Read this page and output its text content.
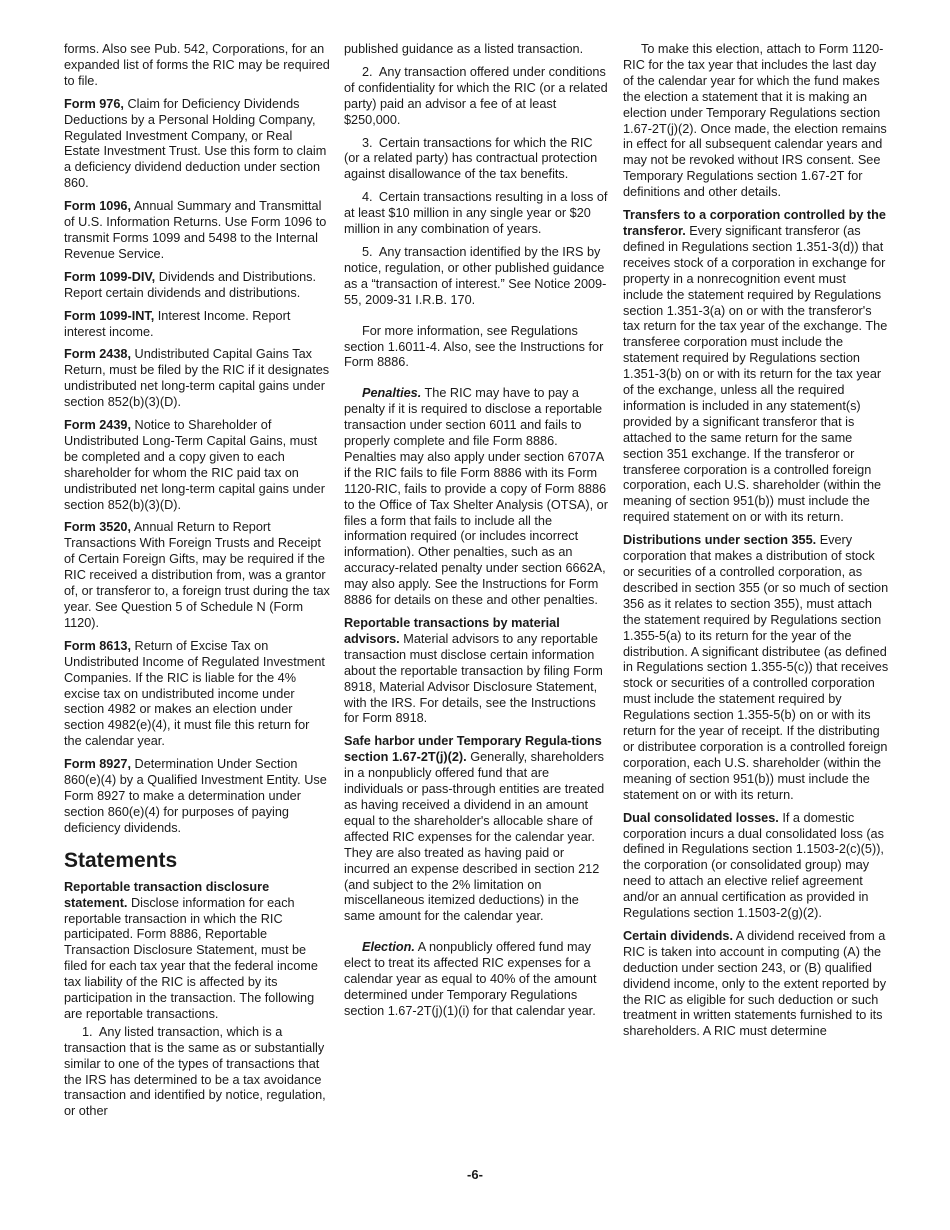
forms. Also see Pub. 542, Corporations, for an expanded list of forms the RIC may be required to file.

Form 976, Claim for Deficiency Dividends Deductions by a Personal Holding Company, Regulated Investment Company, or Real Estate Investment Trust. Use this form to claim a deficiency dividend deduction under section 860.

Form 1096, Annual Summary and Transmittal of U.S. Information Returns. Use Form 1096 to transmit Forms 1099 and 5498 to the Internal Revenue Service.

Form 1099-DIV, Dividends and Distributions. Report certain dividends and distributions.

Form 1099-INT, Interest Income. Report interest income.

Form 2438, Undistributed Capital Gains Tax Return, must be filed by the RIC if it designates undistributed net long-term capital gains under section 852(b)(3)(D).

Form 2439, Notice to Shareholder of Undistributed Long-Term Capital Gains, must be completed and a copy given to each shareholder for whom the RIC paid tax on undistributed net long-term capital gains under section 852(b)(3)(D).

Form 3520, Annual Return to Report Transactions With Foreign Trusts and Receipt of Certain Foreign Gifts, may be required if the RIC received a distribution from, was a grantor of, or transferor to, a foreign trust during the tax year. See Question 5 of Schedule N (Form 1120).

Form 8613, Return of Excise Tax on Undistributed Income of Regulated Investment Companies. If the RIC is liable for the 4% excise tax on undistributed income under section 4982 or makes an election under section 4982(e)(4), it must file this return for the calendar year.

Form 8927, Determination Under Section 860(e)(4) by a Qualified Investment Entity. Use Form 8927 to make a determination under section 860(e)(4) for purposes of paying deficiency dividends.

Statements

Reportable transaction disclosure statement. Disclose information for each reportable transaction in which the RIC participated. Form 8886, Reportable Transaction Disclosure Statement, must be filed for each tax year that the federal income tax liability of the RIC is affected by its participation in the transaction. The following are reportable transactions.

1. Any listed transaction, which is a transaction that is the same as or substantially similar to one of the types of transactions that the IRS has determined to be a tax avoidance transaction and identified by notice, regulation, or other

published guidance as a listed transaction.

2. Any transaction offered under conditions of confidentiality for which the RIC (or a related party) paid an advisor a fee of at least $250,000.

3. Certain transactions for which the RIC (or a related party) has contractual protection against disallowance of the tax benefits.

4. Certain transactions resulting in a loss of at least $10 million in any single year or $20 million in any combination of years.

5. Any transaction identified by the IRS by notice, regulation, or other published guidance as a “transaction of interest.” See Notice 2009-55, 2009-31 I.R.B. 170.

For more information, see Regulations section 1.6011-4. Also, see the Instructions for Form 8886.

Penalties. The RIC may have to pay a penalty if it is required to disclose a reportable transaction under section 6011 and fails to properly complete and file Form 8886. Penalties may also apply under section 6707A if the RIC fails to file Form 8886 with its Form 1120-RIC, fails to provide a copy of Form 8886 to the Office of Tax Shelter Analysis (OTSA), or files a form that fails to include all the information required (or includes incorrect information). Other penalties, such as an accuracy-related penalty under section 6662A, may also apply. See the Instructions for Form 8886 for details on these and other penalties.

Reportable transactions by material advisors. Material advisors to any reportable transaction must disclose certain information about the reportable transaction by filing Form 8918, Material Advisor Disclosure Statement, with the IRS. For details, see the Instructions for Form 8918.

Safe harbor under Temporary Regula-tions section 1.67-2T(j)(2). Generally, shareholders in a nonpublicly offered fund that are individuals or pass-through entities are treated as having received a dividend in an amount equal to the shareholder's allocable share of affected RIC expenses for the calendar year. They are also treated as having paid or incurred an expense described in section 212 (and subject to the 2% limitation on miscellaneous itemized deductions) in the same amount for the calendar year.

Election. A nonpublicly offered fund may elect to treat its affected RIC expenses for a calendar year as equal to 40% of the amount determined under Temporary Regulations section 1.67-2T(j)(1)(i) for that calendar year.

To make this election, attach to Form 1120-RIC for the tax year that includes the last day of the calendar year for which the fund makes the election a statement that it is making an election under Temporary Regulations section 1.67-2T(j)(2). Once made, the election remains in effect for all subsequent calendar years and may not be revoked without IRS consent. See Temporary Regulations section 1.67-2T for definitions and other details.

Transfers to a corporation controlled by the transferor. Every significant transferor (as defined in Regulations section 1.351-3(d)) that receives stock of a corporation in exchange for property in a nonrecognition event must include the statement required by Regulations section 1.351-3(a) on or with the transferor's tax return for the tax year of the exchange. The transferee corporation must include the statement required by Regulations section 1.351-3(b) on or with its return for the tax year of the exchange, unless all the required information is included in any statement(s) provided by a significant transferor that is attached to the same return for the same section 351 exchange. If the transferor or transferee corporation is a controlled foreign corporation, each U.S. shareholder (within the meaning of section 951(b)) must include the required statement on or with its return.

Distributions under section 355. Every corporation that makes a distribution of stock or securities of a controlled corporation, as described in section 355 (or so much of section 356 as it relates to section 355), must attach the statement required by Regulations section 1.355-5(a) to its return for the year of the distribution. A significant distributee (as defined in Regulations section 1.355-5(c)) that receives stock or securities of a controlled corporation must include the statement required by Regulations section 1.355-5(b) on or with its return for the year of receipt. If the distributing or distributee corporation is a controlled foreign corporation, each U.S. shareholder (within the meaning of section 951(b)) must include the statement on or with its return.

Dual consolidated losses. If a domestic corporation incurs a dual consolidated loss (as defined in Regulations section 1.1503-2(c)(5)), the corporation (or consolidated group) may need to attach an elective relief agreement and/or an annual certification as provided in Regulations section 1.1503-2(g)(2).

Certain dividends. A dividend received from a RIC is taken into account in computing (A) the deduction under section 243, or (B) qualified dividend income, only to the extent reported by the RIC as eligible for such deduction or such treatment in written statements furnished to its shareholders. A RIC must determine

-6-
